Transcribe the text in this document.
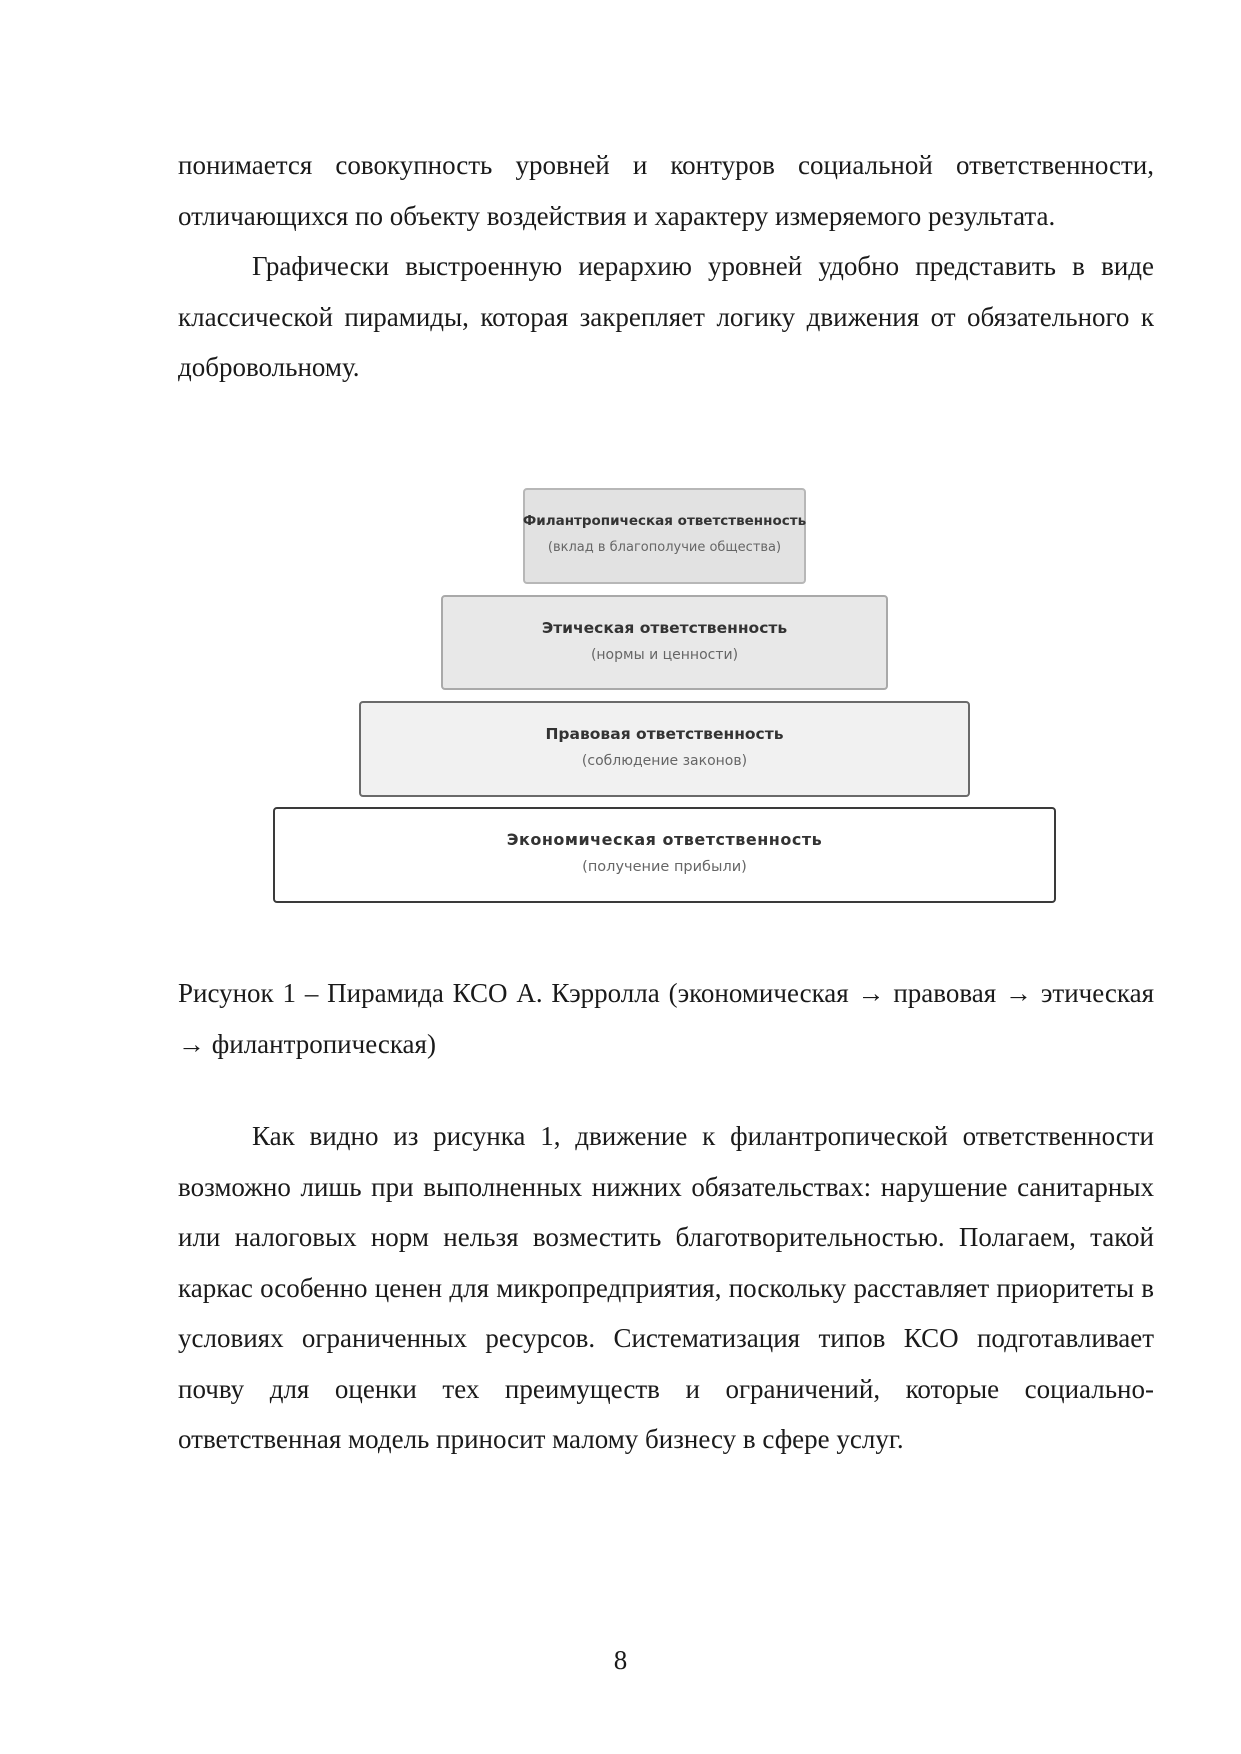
понимается совокупность уровней и контуров социальной ответственности, отличающихся по объекту воздействия и характеру измеряемого результата.

Графически выстроенную иерархию уровней удобно представить в виде классической пирамиды, которая закрепляет логику движения от обязательного к добровольному.

Филантропическая ответственность
(вклад в благополучие общества)
Этическая ответственность
(нормы и ценности)
Правовая ответственность
(соблюдение законов)
Экономическая ответственность
(получение прибыли)

Рисунок 1 – Пирамида КСО А. Кэрролла (экономическая → правовая → этическая → филантропическая)

Как видно из рисунка 1, движение к филантропической ответственности возможно лишь при выполненных нижних обязательствах: нарушение санитарных или налоговых норм нельзя возместить благотворительностью. Полагаем, такой каркас особенно ценен для микропредприятия, поскольку расставляет приоритеты в условиях ограниченных ресурсов. Систематизация типов КСО подготавливает почву для оценки тех преимуществ и ограничений, которые социально-ответственная модель приносит малому бизнесу в сфере услуг.

8
